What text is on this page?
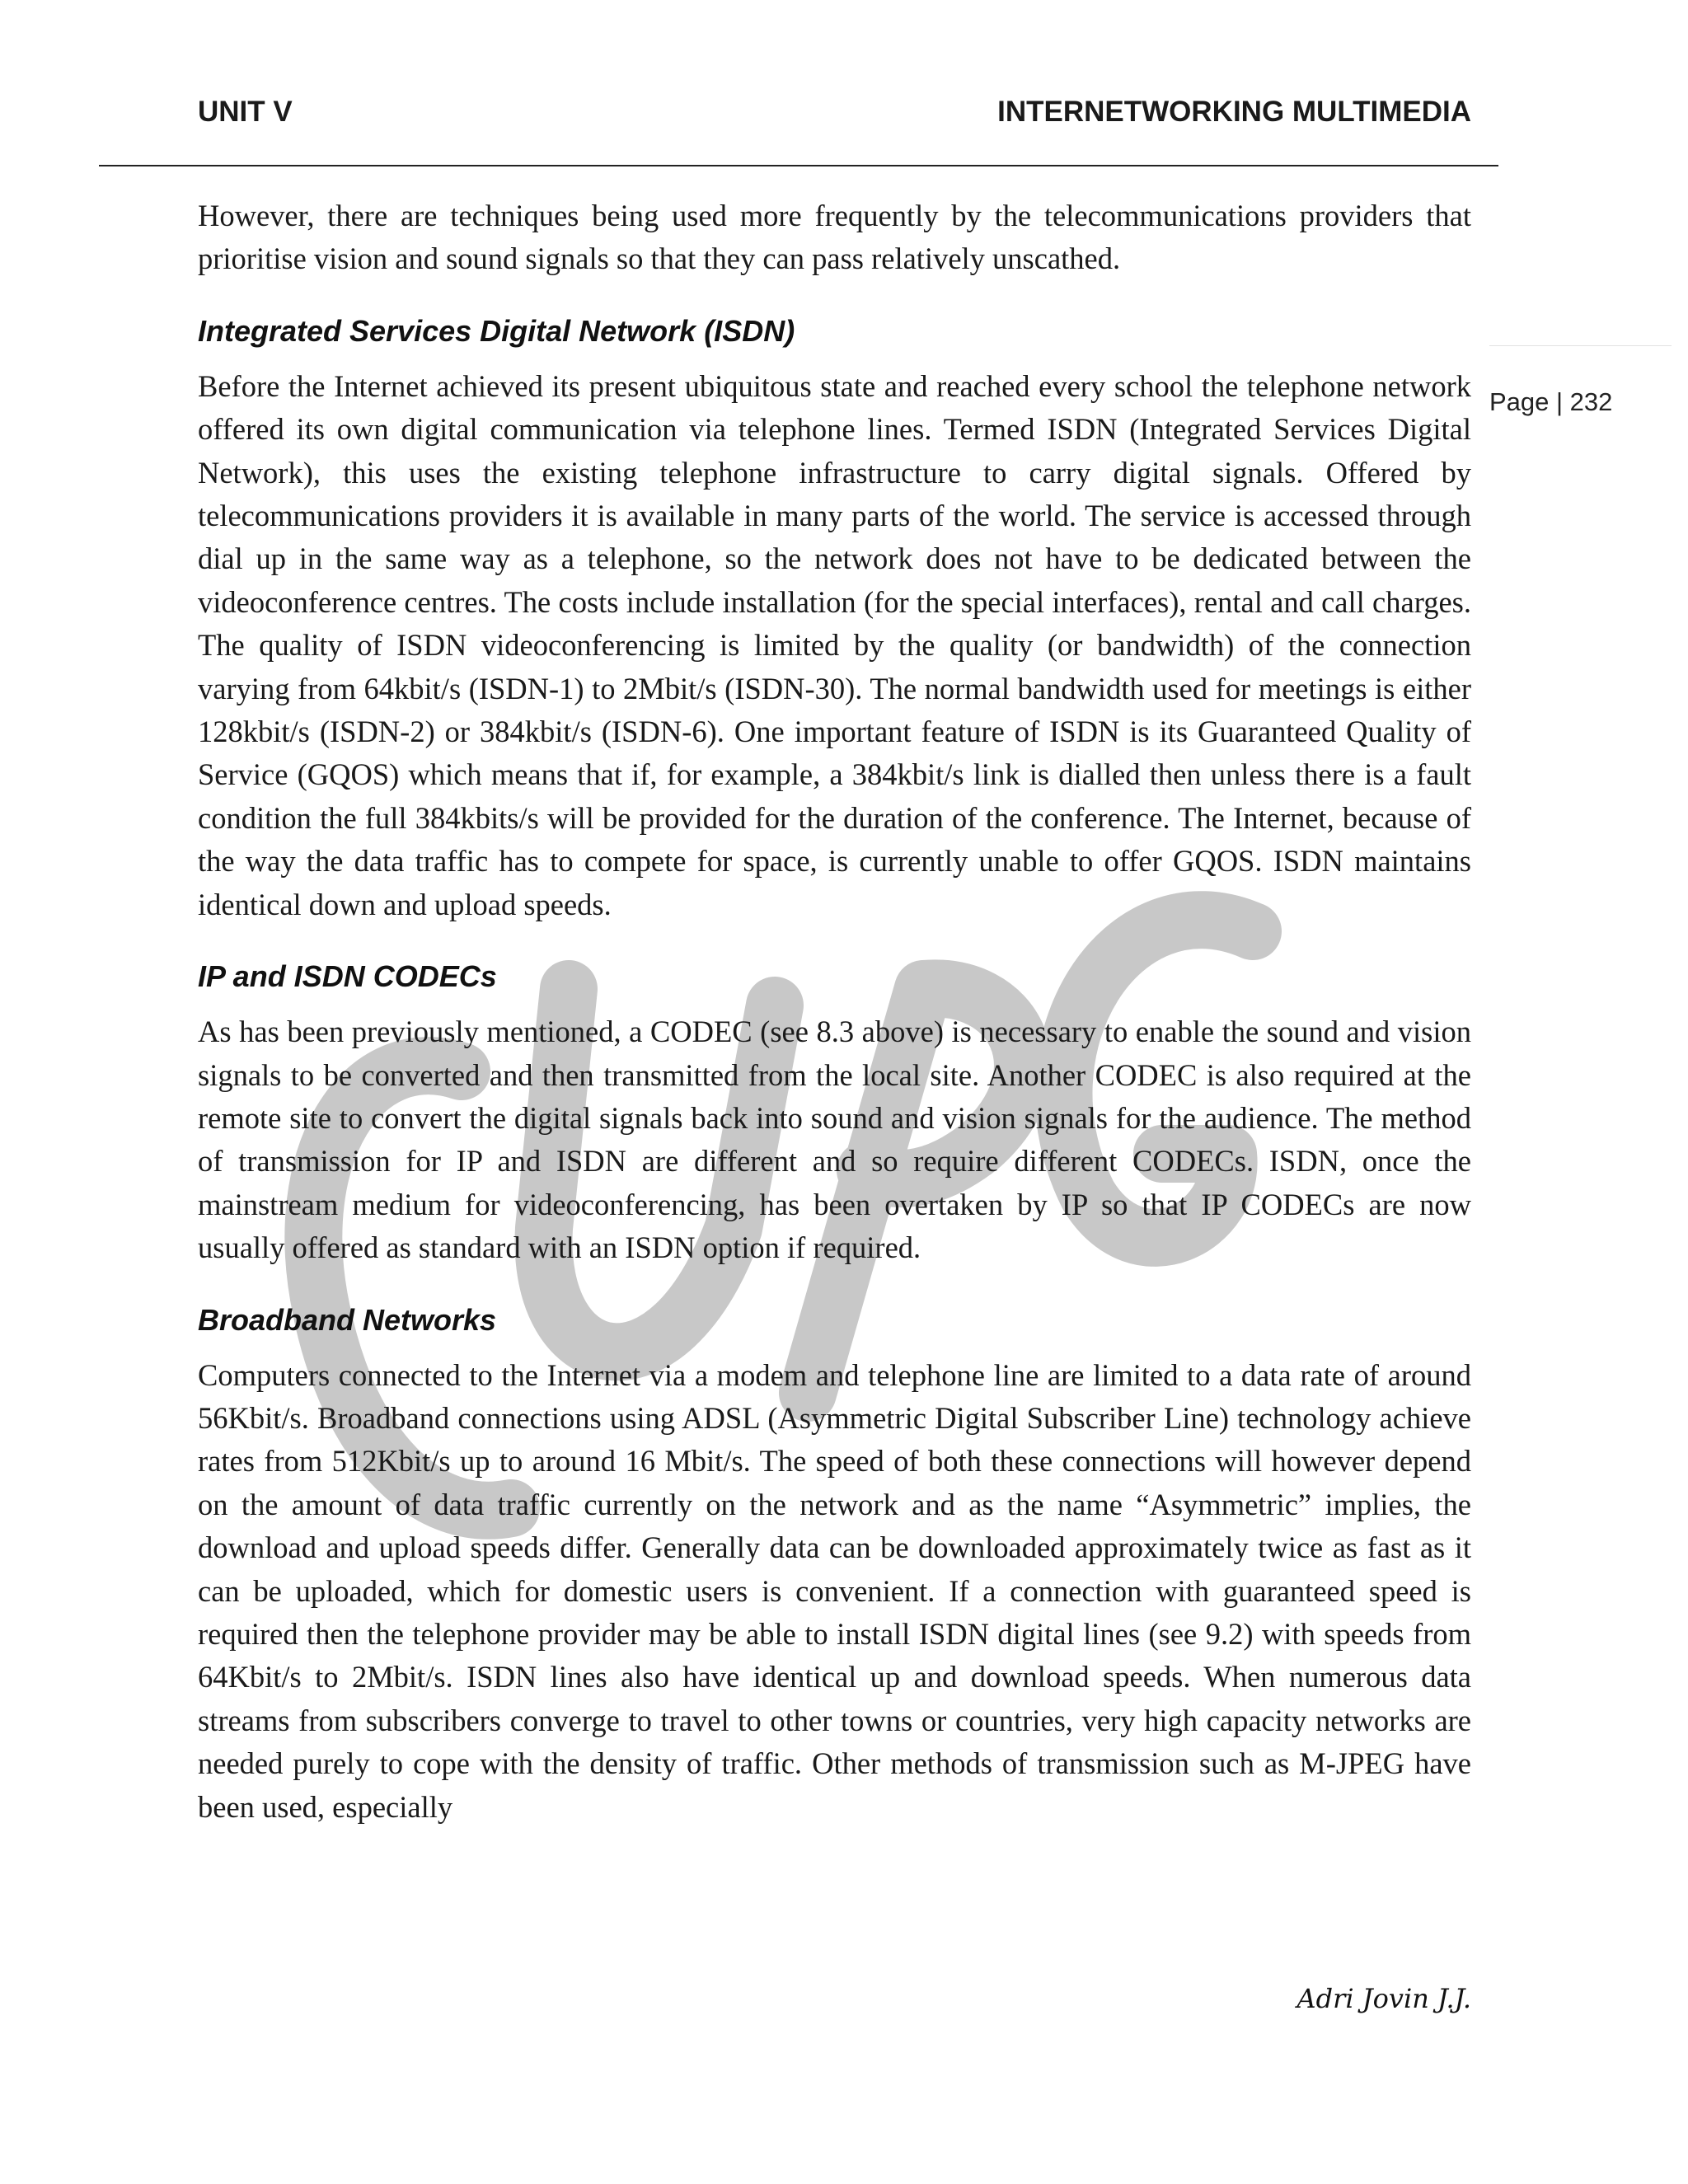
UNIT V	INTERNETWORKING MULTIMEDIA
Page | 232

However, there are techniques being used more frequently by the telecommunications providers that prioritise vision and sound signals so that they can pass relatively unscathed.

Integrated Services Digital Network (ISDN)

Before the Internet achieved its present ubiquitous state and reached every school the telephone network offered its own digital communication via telephone lines. Termed ISDN (Integrated Services Digital Network), this uses the existing telephone infrastructure to carry digital signals. Offered by telecommunications providers it is available in many parts of the world. The service is accessed through dial up in the same way as a telephone, so the network does not have to be dedicated between the videoconference centres. The costs include installation (for the special interfaces), rental and call charges. The quality of ISDN videoconferencing is limited by the quality (or bandwidth) of the connection varying from 64kbit/s (ISDN-1) to 2Mbit/s (ISDN-30). The normal bandwidth used for meetings is either 128kbit/s (ISDN-2) or 384kbit/s (ISDN-6). One important feature of ISDN is its Guaranteed Quality of Service (GQOS) which means that if, for example, a 384kbit/s link is dialled then unless there is a fault condition the full 384kbits/s will be provided for the duration of the conference. The Internet, because of the way the data traffic has to compete for space, is currently unable to offer GQOS. ISDN maintains identical down and upload speeds.

IP and ISDN CODECs

As has been previously mentioned, a CODEC (see 8.3 above) is necessary to enable the sound and vision signals to be converted and then transmitted from the local site. Another CODEC is also required at the remote site to convert the digital signals back into sound and vision signals for the audience. The method of transmission for IP and ISDN are different and so require different CODECs. ISDN, once the mainstream medium for videoconferencing, has been overtaken by IP so that IP CODECs are now usually offered as standard with an ISDN option if required.

Broadband Networks

Computers connected to the Internet via a modem and telephone line are limited to a data rate of around 56Kbit/s. Broadband connections using ADSL (Asymmetric Digital Subscriber Line) technology achieve rates from 512Kbit/s up to around 16 Mbit/s. The speed of both these connections will however depend on the amount of data traffic currently on the network and as the name “Asymmetric” implies, the download and upload speeds differ. Generally data can be downloaded approximately twice as fast as it can be uploaded, which for domestic users is convenient. If a connection with guaranteed speed is required then the telephone provider may be able to install ISDN digital lines (see 9.2) with speeds from 64Kbit/s to 2Mbit/s. ISDN lines also have identical up and download speeds. When numerous data streams from subscribers converge to travel to other towns or countries, very high capacity networks are needed purely to cope with the density of traffic. Other methods of transmission such as M-JPEG have been used, especially

Adri Jovin J.J.
